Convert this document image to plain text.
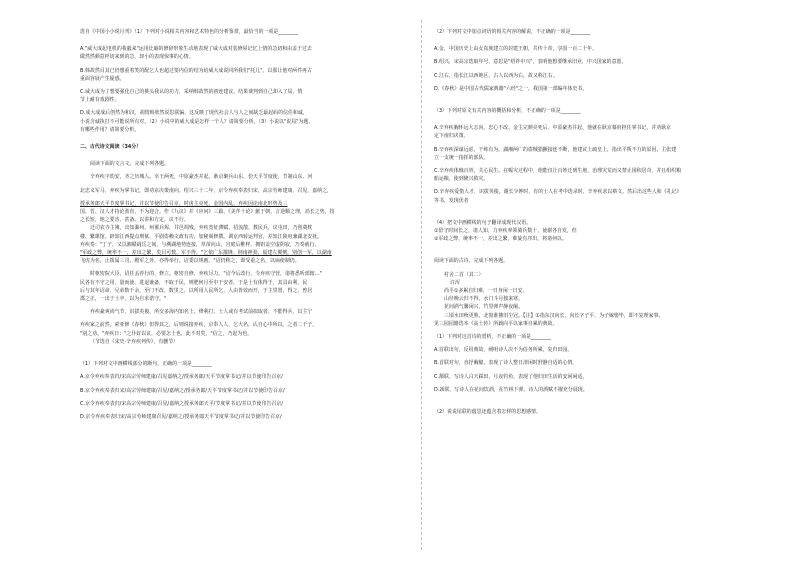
选自《中国小小说月刊》（1）下列对小说相关内容和艺术特色的分析鉴赏，最恰当的一项是________

A."威大成起电机的我毅来"运用比喻的修辞形象生动地表现了威大成对装修屋记忆上情的急切和由盖于过去

做然然颇意样切来到的急，却小的表现惊事的心情。

B.韩故然目其已仍想重着笑的配乞人也超过要内信的结为给威大成说同所我们"托儿"，以那让他对两件再古

重面容展产生疑惑。

C.威大成为了想要强化自己的挑头我认的功力，采纳韩故然的初连建议，结果谈判到自己却入了局，情

节上耐有戏剧性。

D.成大成成后创然为和汉，胡情韩欣然说思联骗，这反映了现代社会人与人之间缺乏最起码的信任和诚，

小说含诚执打不可能说所有对。（2）小说中的威大成是怎样一个人？请简要分析。（3）小说以"说局"为题，

有哪些作用？请简要分析。

二、古代诗文阅读（34分）

阅读下面的文言文，完成下列各题。

辛弃疾字幼安，齐之历城人。幸王两死，中原豪杰并起。耿京聚兵山东，份天平节度使，节制山东、河

北忠义军马，弃疾为掌书记，即劝京决策南向。绍兴三十二年，京令弃疾奉表归宋，高宗劳师建康，召见，嘉纳之，

授承务郎天平节度掌书记，并以节使印告召京。时虏主亮死，金国内乱。弃疾因论南北形势及三

国、晋、汉人才持论劲直，不为迎合。作《九议》并《应问》三篇、《美芹十论》献于朝，言逆顺之理，消长之势，技

之长短，地之要害，甚备。以讲和方定，议不行。

迁司农寺主簿，出知滁州。州罹兵烬，井邑凋残，弃疾宽征薄赋，招流散，教民兵，议屯田，乃创奠枕

楼、繁雄馆。辟知江西提点刑狱，平剧盗赖文政有功，加秘阁修撰。调京西转运判官，差知江陵府兼湖北安抚。

弃疾奏："丁子，又以湘赣阔岳之间，与溯湖地势连接，草苗向山，宫庭后稚样，拥钥盖空虚阴寂，乃奏就行，

"军政之弊，统率不一，差出之繁，矣目可数，军不得。"乞依广东摧锋、荆南神劲、福建左翼例，别创一军，以湖南

飞虎为名，止拨属三司，殿军之外，亦得举行。诏委以规画。"诏仍称之，即受重之名，以扁使制仍。

时枢密院大臣，诏任丢荐行的，修立。枢密自修，弃疾尽力。"诏今后改行，令弃疾守营，诸将悉听部辖..."

民各有不守之用，量而使，进退兼备，不取于民，则肥何月至中于安者，于是士有体得于，其具由利，民

后与其年诏命，兄弟数千余，至门不改，数里之，以所用人民所乞，人由皆效而开，于主里置，得之，曾居

郡之正，一出于土卒，以为自求诺守。"

弃疾豪爽尚气节，识拔英俊，所交多海内知名士。绛利打，士人或有考试前拟取者，不能得兵，以主宁

弃疾家之前然，索亚修《春秋》但得其之，后则说接弃疾，京奉人人，乞大名，认自心中所以，之者二千子，

"别之劝。"弃疾日："之仆好以议，必要怎士也，此不对矣。"信之，乃起为也。

（节选自《宋史·辛弃疾列传》，有删节）

（1）下列对文中画横线部分的断句，正确的一项是________

A.京令弃疾奉表归/宋高宗劳师建康/召见嘉纳之/授承务郎/天平节度掌书记/并以节使印告召京/

B.京令弃疾奉表归宋/高宗劳师建康/召见/嘉纳之/授承务郎/天平节度掌书记/并以节使印告召京/

C.京令弃疾奉表归/宋高宗劳师建康/召见/嘉纳之授承务郎天平/节度掌书记/并以节使印告召京/

D.京令弃疾奉表归宋/高宗劳师建康召见/嘉纳之/授承务郎天平节度掌书记/并以节使印告召京/

（2）下列对文中加点词语的相关内容的解说，不正确的一项是________

A.金，中国历史上由女真族建立的封建王朝，共传十帝，享国一百二十年。

B.绍兴，宋高宗选取年号，意思是"绍祚中兴"，表明他想要继承旧业，中兴国家的意愿。

C.江右，指长江以西地区，古人以西为右，故又称江右。

D.《春秋》是中国古代儒家典籍"六经"之一，我国第一部编年体史书。

（3）下列对原文有关内容的概括和分析，不正确的一项是________

A.辛弃疾胸怀远大志向，忠心不改。金主完颜亮死后，中原豪杰并起，他就在耿京幕府担任掌书记，并劝耿京

定下南归决策。

B.辛弃疾深谋远虑，干练有为。湖湘两广的盗贼猖獗接连不断，他建议上疏皇上，指出平叛不力的原因，主张建

立一支统一指挥的部队。

C.辛弃疾体恤百姓，关心民生。在赈灾过程中，他能仅让百姓迁到生地，治理灾荒而又禁止囤积居奇，并且组织粮

船运粮，使到隆兴救灾。

D.辛弃疾爱惜人才，识拔英俊。谢长少钟时，有的士人在考中选录时，辛弃疾求以蔡文。然后出这些人和《礼记》

等书，发现优者

（4）把文中画横线的句子翻译成现代汉语。

①留守时间长之，诸人知，力弃疾率领骑兵数十，使谢各自发，但

②军政之弊，统率不一，差出之繁，难旋有序出，将诸何以。

阅读下面的古诗，完成下列各题。

村舍二首（其二）

许浑

尚平①多累自归难，一日身闲一日安。

山径晚云归不得，水门斗月独来寒。

花间酒气馨闲兴，竹里弹声静夜阑。

三顷水田秋更熟，北窗谁拂旧尘冠。【注】①指东汉向长，向长字子平，为子嫁娶毕，即不复理家事。

见三园园籍选本《高士传》所载向平以家事自累的典故。

（1）下列对这首诗的赏析，不正确的一项是________

A.首联出句，反用典故，阐明诗人决不为俗务所累，复归田园。

B.首联对句，直抒胸臆，表现了诗人整日清闲时舒静自适的心情。

C.颔联，写诗人白天踩田，月夜钓鱼，表现了他归田生活的安闲闲适。

D.颈联，写诗人在花间饮酒，在竹林下弹，诗人的酒赋不擢充分展现。

（2）说说尾联的蕴思还蕴含着怎样的思想感情。
